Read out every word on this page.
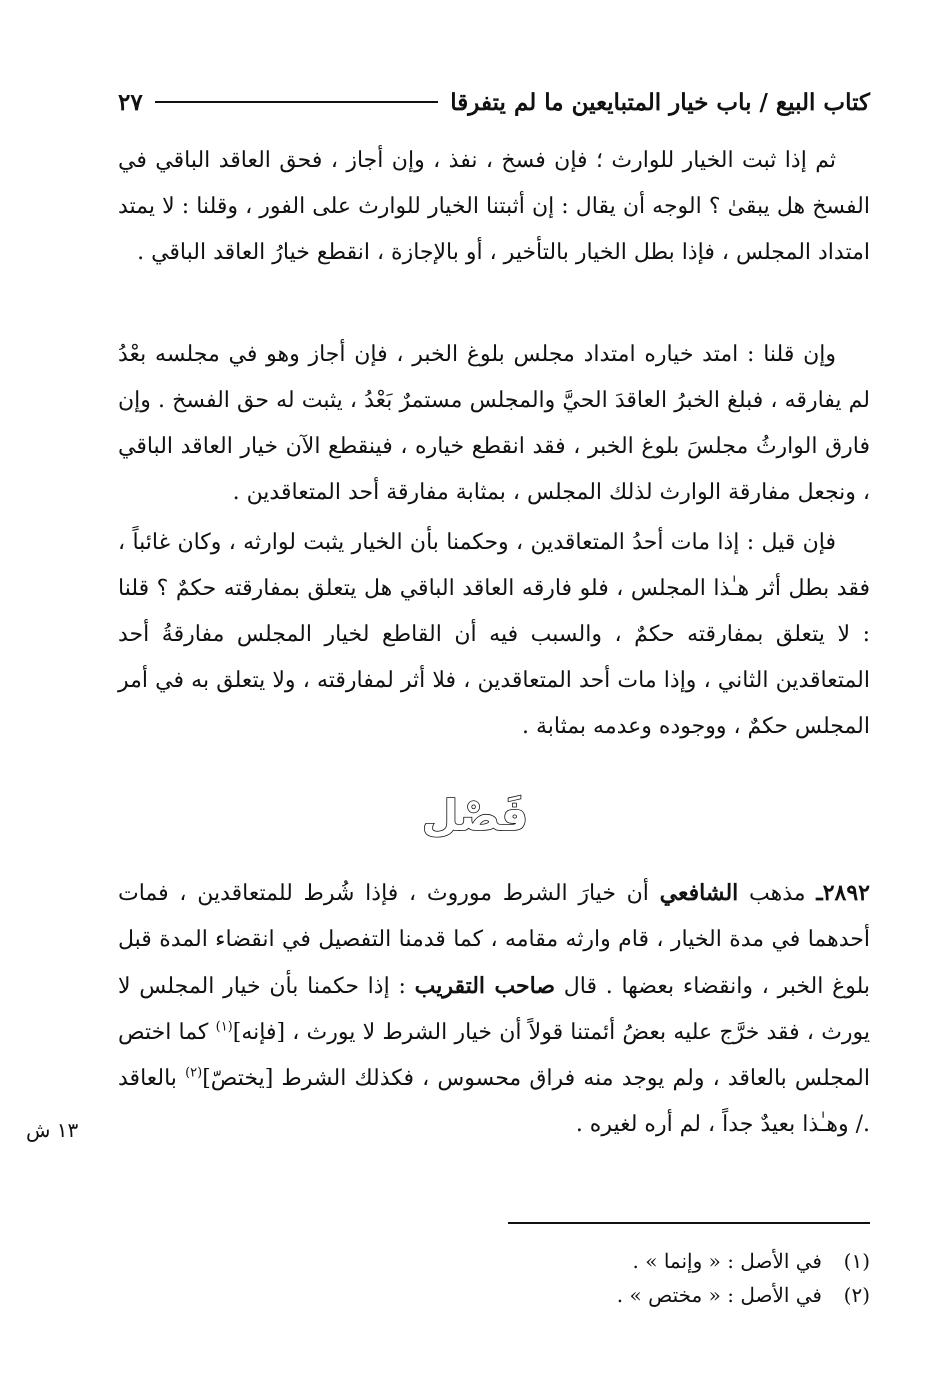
كتاب البيع / باب خيار المتبايعين ما لم يتفرقا
٢٧

ثم إذا ثبت الخيار للوارث ؛ فإن فسخ ، نفذ ، وإن أجاز ، فحق العاقد الباقي في الفسخ هل يبقىٰ ؟ الوجه أن يقال : إن أثبتنا الخيار للوارث على الفور ، وقلنا : لا يمتد امتداد المجلس ، فإذا بطل الخيار بالتأخير ، أو بالإجازة ، انقطع خيارُ العاقد الباقي .

وإن قلنا : امتد خياره امتداد مجلس بلوغ الخبر ، فإن أجاز وهو في مجلسه بعْدُ لم يفارقه ، فبلغ الخبرُ العاقدَ الحيَّ والمجلس مستمرٌ بَعْدُ ، يثبت له حق الفسخ . وإن فارق الوارثُ مجلسَ بلوغ الخبر ، فقد انقطع خياره ، فينقطع الآن خيار العاقد الباقي ، ونجعل مفارقة الوارث لذلك المجلس ، بمثابة مفارقة أحد المتعاقدين .

فإن قيل : إذا مات أحدُ المتعاقدين ، وحكمنا بأن الخيار يثبت لوارثه ، وكان غائباً ، فقد بطل أثر هـٰذا المجلس ، فلو فارقه العاقد الباقي هل يتعلق بمفارقته حكمٌ ؟ قلنا : لا يتعلق بمفارقته حكمٌ ، والسبب فيه أن القاطع لخيار المجلس مفارقةُ أحد المتعاقدين الثاني ، وإذا مات أحد المتعاقدين ، فلا أثر لمفارقته ، ولا يتعلق به في أمر المجلس حكمٌ ، ووجوده وعدمه بمثابة .

فَصْل

٢٨٩٢ـ مذهب الشافعي أن خيارَ الشرط موروث ، فإذا شُرط للمتعاقدين ، فمات أحدهما في مدة الخيار ، قام وارثه مقامه ، كما قدمنا التفصيل في انقضاء المدة قبل بلوغ الخبر ، وانقضاء بعضها . قال صاحب التقريب : إذا حكمنا بأن خيار المجلس لا يورث ، فقد خرَّج عليه بعضُ أئمتنا قولاً أن خيار الشرط لا يورث ، [فإنه]$^{(١)}$ كما اختص المجلس بالعاقد ، ولم يوجد منه فراق محسوس ، فكذلك الشرط [يختصّ]$^{(٢)}$ بالعاقد ./ وهـٰذا بعيدٌ جداً ، لم أره لغيره .

١٣ ش
(١)
في الأصل : « وإنما » .
(٢)
في الأصل : « مختص » .
